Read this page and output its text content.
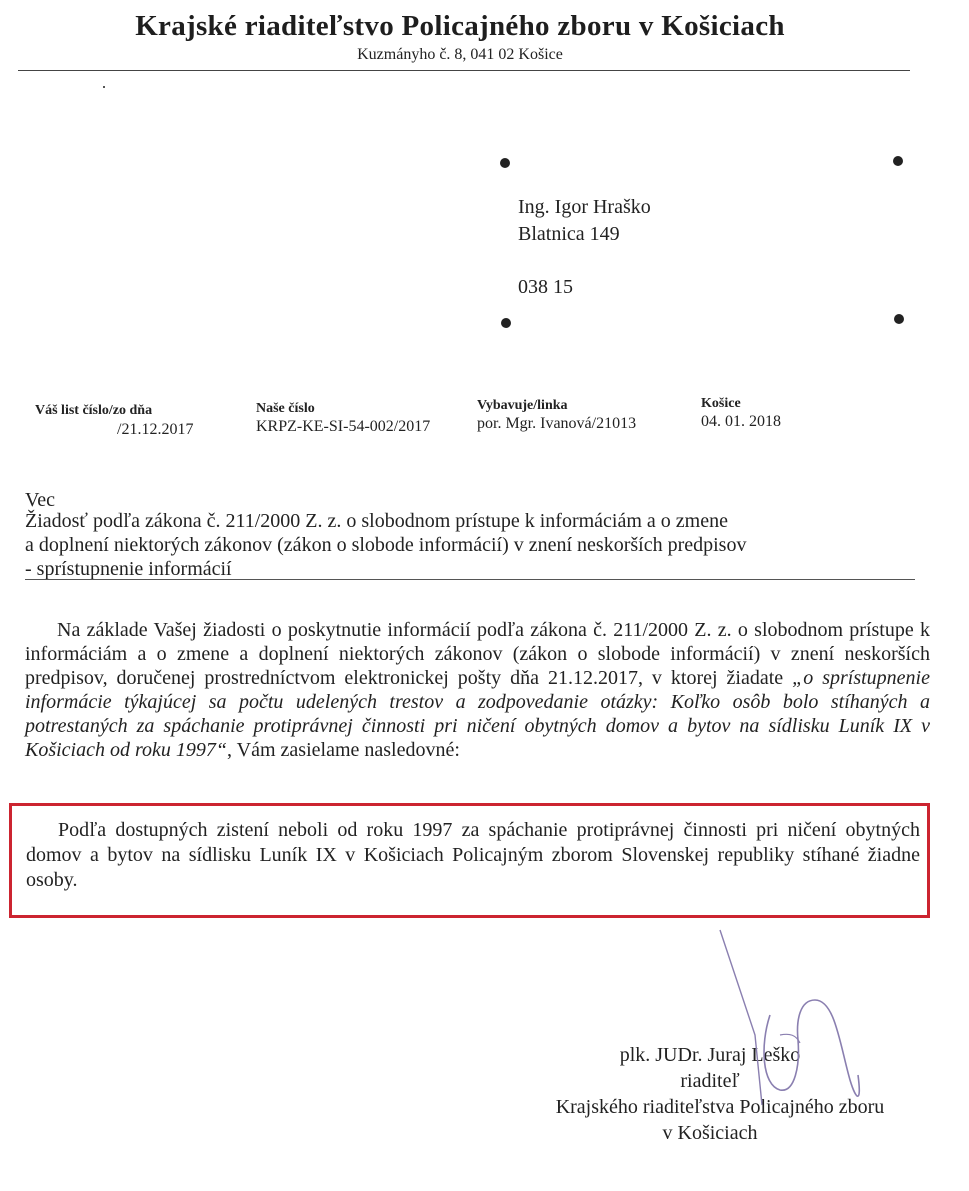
Krajské riaditeľstvo Policajného zboru v Košiciach
Kuzmányho č. 8, 041 02 Košice
Ing. Igor Hraško
Blatnica 149
038 15
Váš list číslo/zo dňa
/21.12.2017
Naše číslo
KRPZ-KE-SI-54-002/2017
Vybavuje/linka
por. Mgr. Ivanová/21013
Košice
04. 01. 2018
Vec
Žiadosť podľa zákona č. 211/2000 Z. z. o slobodnom prístupe k informáciám a o zmene
a doplnení niektorých zákonov (zákon o slobode informácií) v znení neskorších predpisov
- sprístupnenie informácií
Na základe Vašej žiadosti o poskytnutie informácií podľa zákona č. 211/2000 Z. z. o slobodnom prístupe k informáciám a o zmene a doplnení niektorých zákonov (zákon o slobode informácií) v znení neskorších predpisov, doručenej prostredníctvom elektronickej pošty dňa 21.12.2017, v ktorej žiadate „o sprístupnenie informácie týkajúcej sa počtu udelených trestov a zodpovedanie otázky: Koľko osôb bolo stíhaných a potrestaných za spáchanie protiprávnej činnosti pri ničení obytných domov a bytov na sídlisku Luník IX v Košiciach od roku 1997“, Vám zasielame nasledovné:
Podľa dostupných zistení neboli od roku 1997 za spáchanie protiprávnej činnosti pri ničení obytných domov a bytov na sídlisku Luník IX v Košiciach Policajným zborom Slovenskej republiky stíhané žiadne osoby.
plk. JUDr. Juraj Leško
riaditeľ
Krajského riaditeľstva Policajného zboru
v Košiciach
